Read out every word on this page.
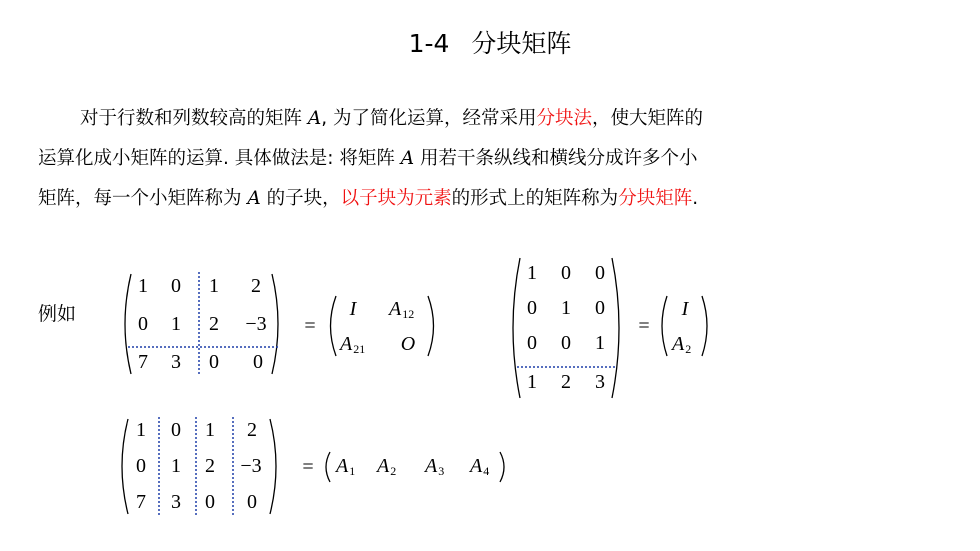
1-4 分块矩阵
对于行数和列数较高的矩阵 A, 为了简化运算，经常采用分块法，使大矩阵的
运算化成小矩阵的运算. 具体做法是: 将矩阵 A 用若干条纵线和横线分成许多个小
矩阵，每一个小矩阵称为 A 的子块，以子块为元素的形式上的矩阵称为分块矩阵.
例如
1 0 1	2
0 1 2	−3
7 3 0	0
=
I	$A_{12}$
$A_{21}$	O
1 0 0
0 1 0
0 0 1
1 2 3
=
I
$A_2$
1 0 1	2
0 1 2	−3
7 3 0	0
= $A_1$	$A_2$	$A_3$	$A_4$
